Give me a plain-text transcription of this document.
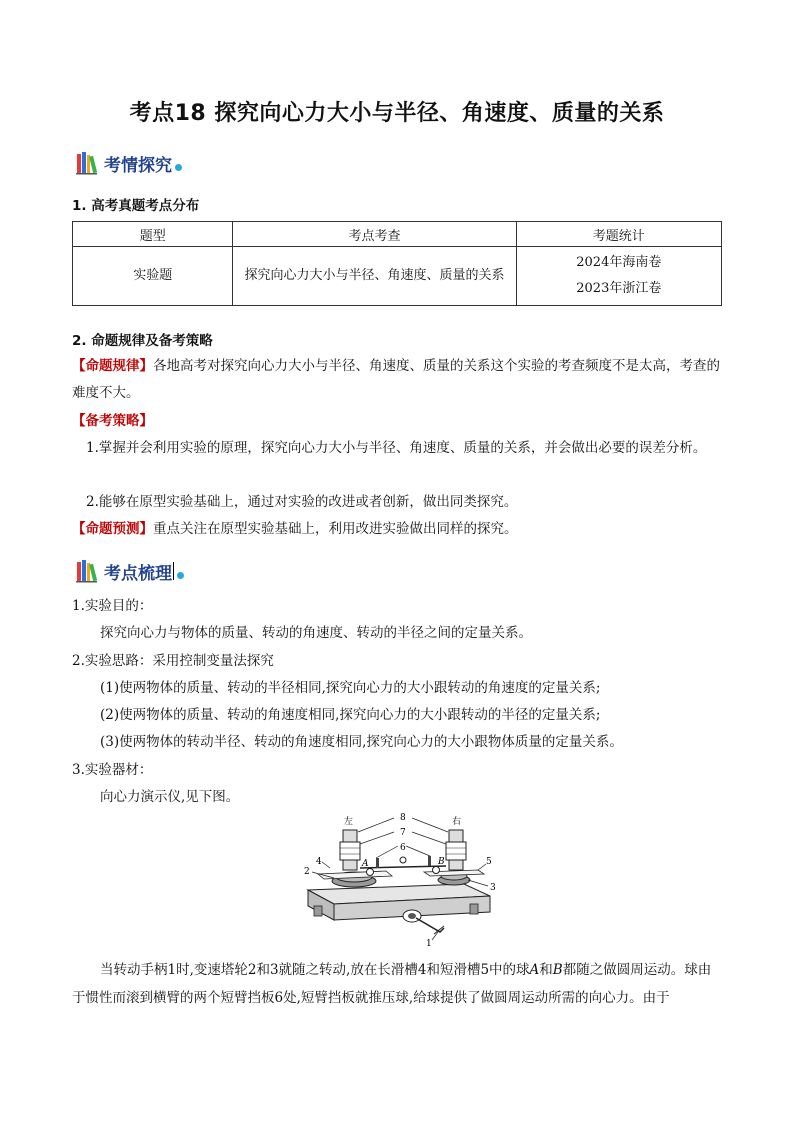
考点18 探究向心力大小与半径、角速度、质量的关系
考情探究
1. 高考真题考点分布
题型	考点考查	考题统计
实验题	探究向心力大小与半径、角速度、质量的关系	2024年海南卷
2023年浙江卷
2. 命题规律及备考策略
【命题规律】各地高考对探究向心力大小与半径、角速度、质量的关系这个实验的考查频度不是太高，考查的难度不大。
【备考策略】
1.掌握并会利用实验的原理，探究向心力大小与半径、角速度、质量的关系，并会做出必要的误差分析。
2.能够在原型实验基础上，通过对实验的改进或者创新，做出同类探究。
【命题预测】重点关注在原型实验基础上，利用改进实验做出同样的探究。
考点梳理
1.实验目的：
探究向心力与物体的质量、转动的角速度、转动的半径之间的定量关系。
2.实验思路：采用控制变量法探究
(1)使两物体的质量、转动的半径相同,探究向心力的大小跟转动的角速度的定量关系;
(2)使两物体的质量、转动的角速度相同,探究向心力的大小跟转动的半径的定量关系;
(3)使两物体的转动半径、转动的角速度相同,探究向心力的大小跟物体质量的定量关系。
3.实验器材：
向心力演示仪,见下图。
左	右
8
7
6
4	5
2
3
1
A	B
当转动手柄1时,变速塔轮2和3就随之转动,放在长滑槽4和短滑槽5中的球A和B都随之做圆周运动。球由于惯性而滚到横臂的两个短臂挡板6处,短臂挡板就推压球,给球提供了做圆周运动所需的向心力。由于
